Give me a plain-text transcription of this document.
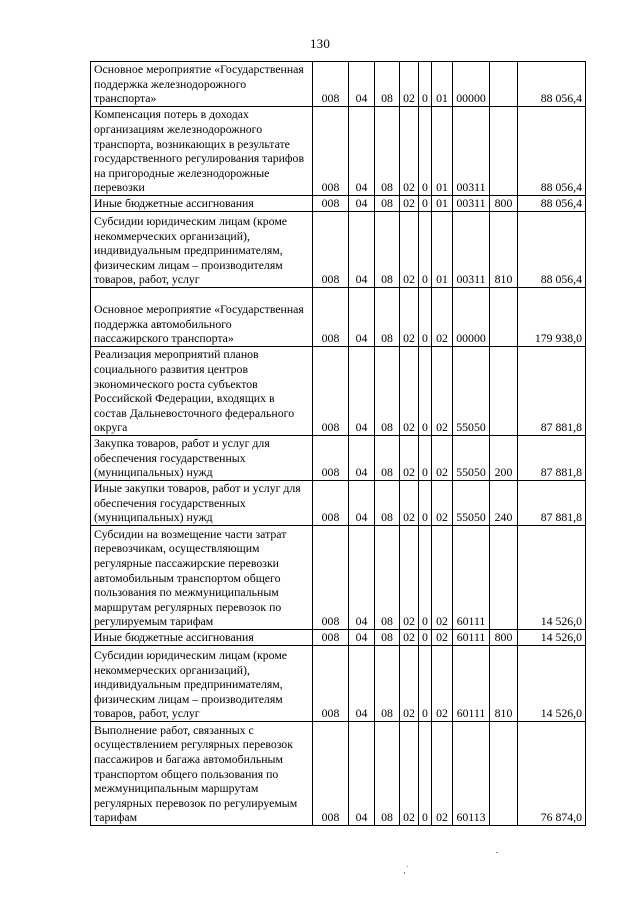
130
Основное мероприятие «Государственная поддержка железнодорожного транспорта»	008	04	08	02	0	01	00000		88 056,4
Компенсация потерь в доходах организациям железнодорожного транспорта, возникающих в результате государственного регулирования тарифов на пригородные железнодорожные перевозки	008	04	08	02	0	01	00311		88 056,4
Иные бюджетные ассигнования	008	04	08	02	0	01	00311	800	88 056,4
Субсидии юридическим лицам (кроме некоммерческих организаций), индивидуальным предпринимателям, физическим лицам – производителям товаров, работ, услуг	008	04	08	02	0	01	00311	810	88 056,4
Основное мероприятие «Государственная поддержка автомобильного пассажирского транспорта»	008	04	08	02	0	02	00000		179 938,0
Реализация мероприятий планов социального развития центров экономического роста субъектов Российской Федерации, входящих в состав Дальневосточного федерального округа	008	04	08	02	0	02	55050		87 881,8
Закупка товаров, работ и услуг для обеспечения государственных (муниципальных) нужд	008	04	08	02	0	02	55050	200	87 881,8
Иные закупки товаров, работ и услуг для обеспечения государственных (муниципальных) нужд	008	04	08	02	0	02	55050	240	87 881,8
Субсидии на возмещение части затрат перевозчикам, осуществляющим регулярные пассажирские перевозки автомобильным транспортом общего пользования по межмуниципальным маршрутам регулярных перевозок по регулируемым тарифам	008	04	08	02	0	02	60111		14 526,0
Иные бюджетные ассигнования	008	04	08	02	0	02	60111	800	14 526,0
Субсидии юридическим лицам (кроме некоммерческих организаций), индивидуальным предпринимателям, физическим лицам – производителям товаров, работ, услуг	008	04	08	02	0	02	60111	810	14 526,0
Выполнение работ, связанных с осуществлением регулярных перевозок пассажиров и багажа автомобильным транспортом общего пользования по межмуниципальным маршрутам регулярных перевозок по регулируемым тарифам	008	04	08	02	0	02	60113		76 874,0
